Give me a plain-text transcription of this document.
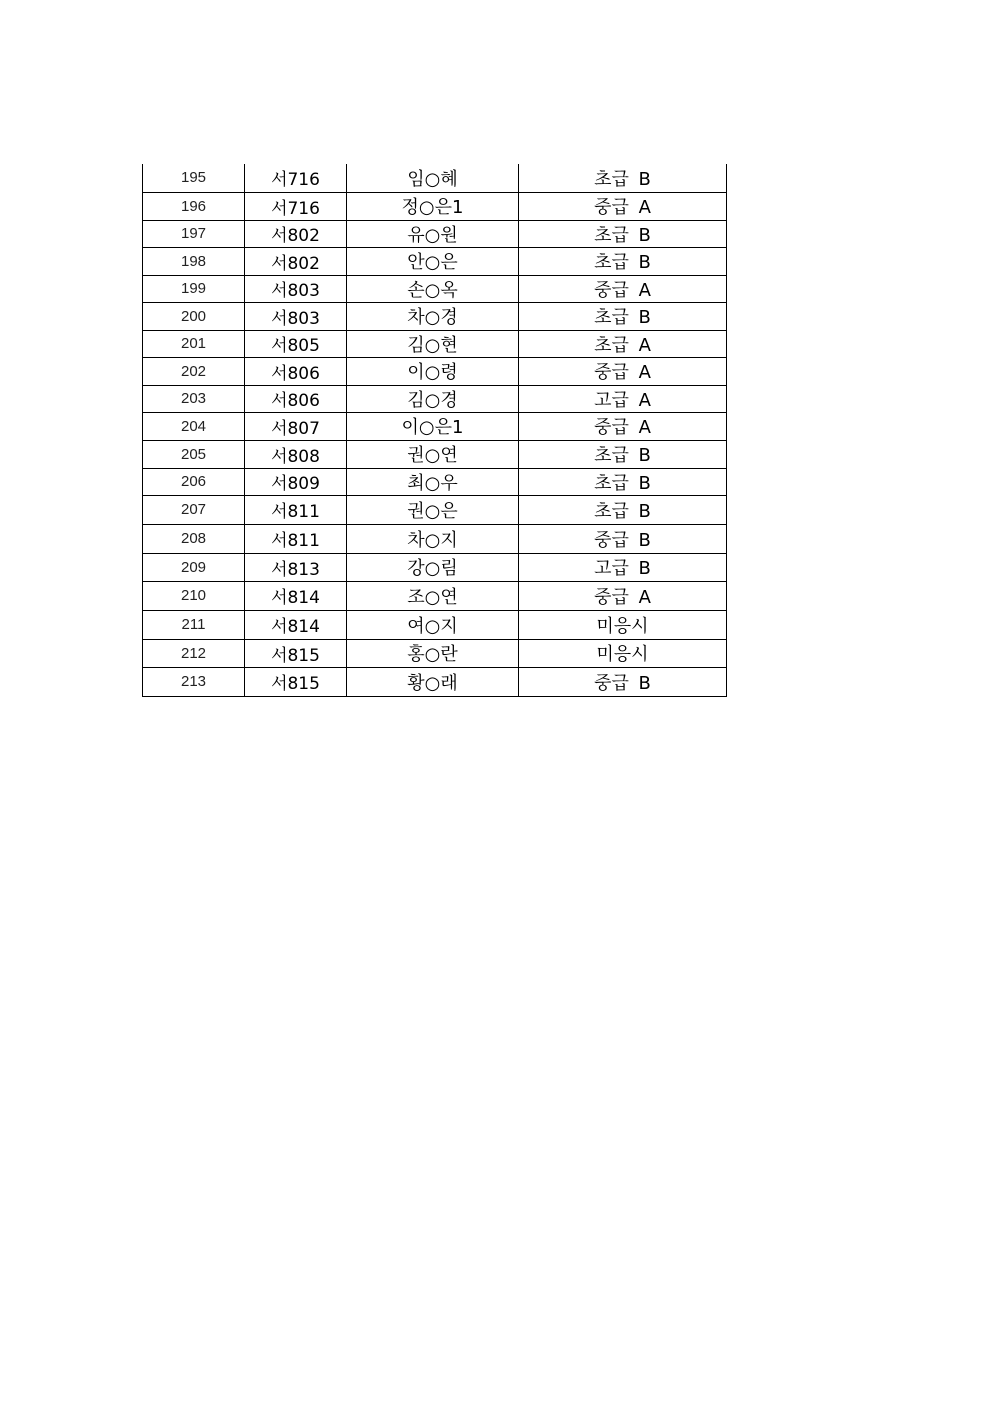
195	서716	임○혜	초급 B
196	서716	정○은1	중급 A
197	서802	유○원	초급 B
198	서802	안○은	초급 B
199	서803	손○옥	중급 A
200	서803	차○경	초급 B
201	서805	김○현	초급 A
202	서806	이○령	중급 A
203	서806	김○경	고급 A
204	서807	이○은1	중급 A
205	서808	권○연	초급 B
206	서809	최○우	초급 B
207	서811	권○은	초급 B
208	서811	차○지	중급 B
209	서813	강○림	고급 B
210	서814	조○연	중급 A
211	서814	여○지	미응시
212	서815	홍○란	미응시
213	서815	황○래	중급 B
